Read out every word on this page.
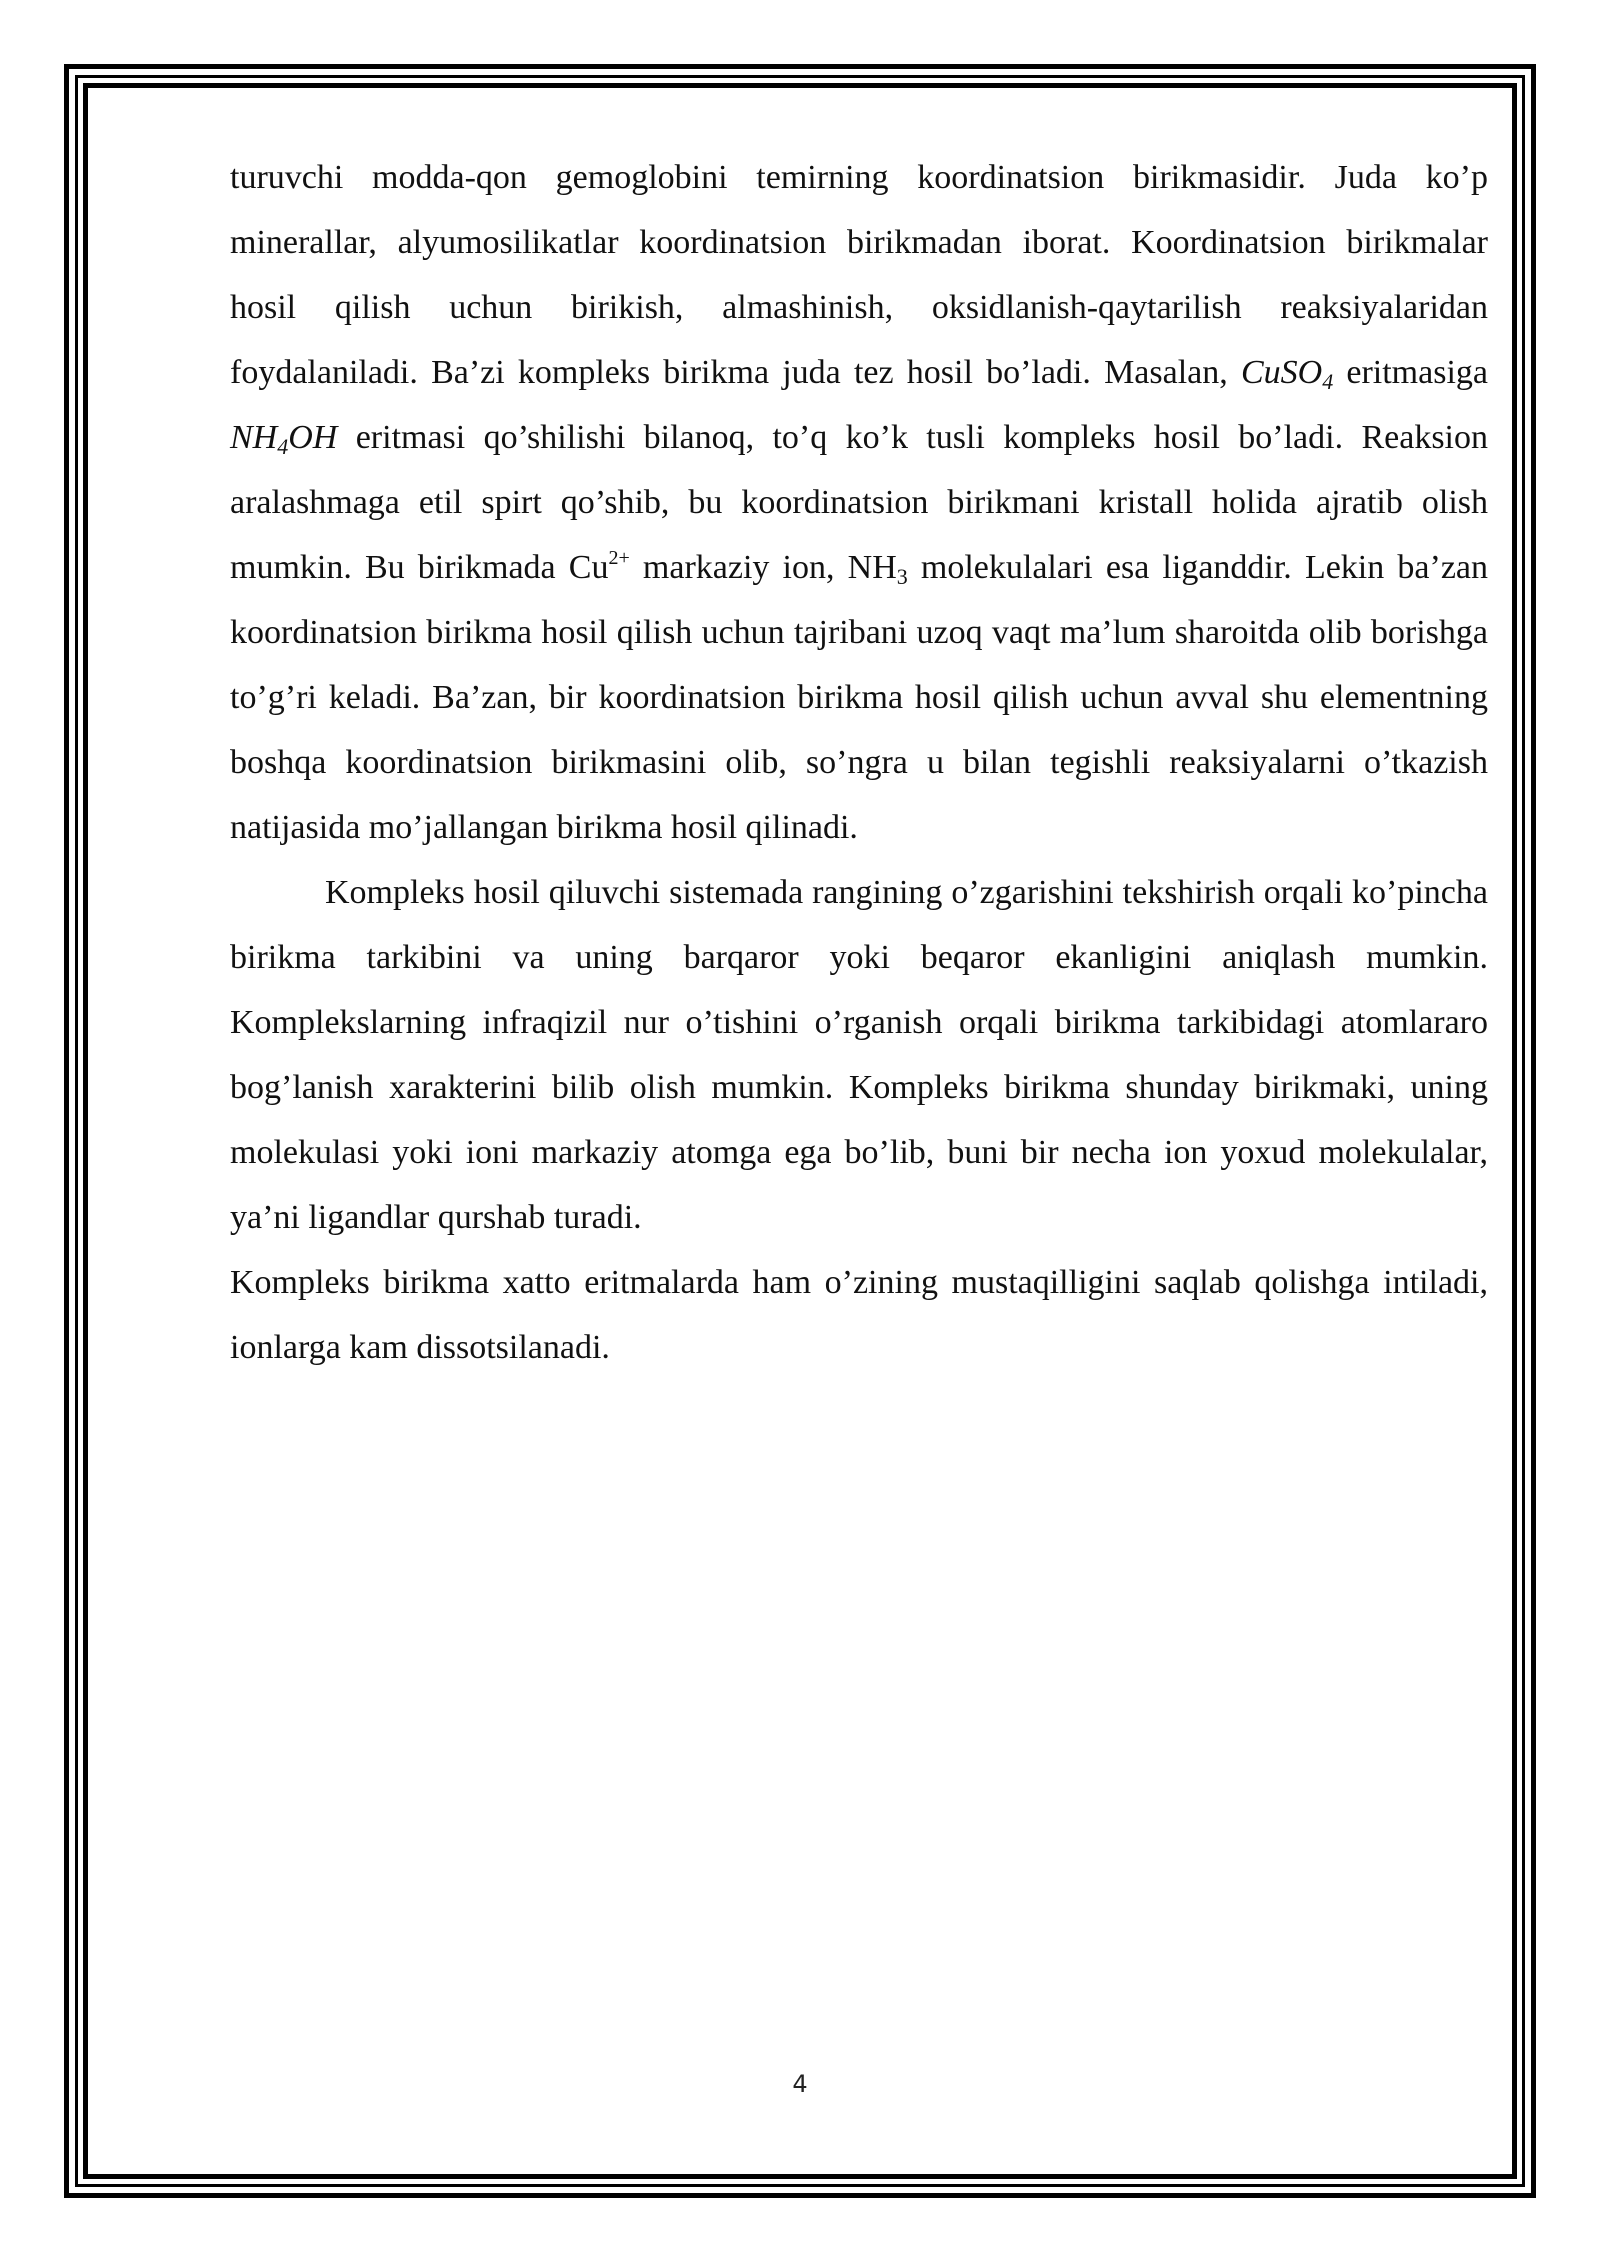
turuvchi modda-qon gemoglobini temirning koordinatsion birikmasidir. Juda ko’p minerallar, alyumosilikatlar koordinatsion birikmadan iborat. Koordinatsion birikmalar hosil qilish uchun birikish, almashinish, oksidlanish-qaytarilish reaksiyalaridan foydalaniladi. Ba’zi kompleks birikma juda tez hosil bo’ladi. Masalan, CuSO$_4$ eritmasiga $NH_4OH$ eritmasi qo’shilishi bilanoq, to’q ko’k tusli kompleks hosil bo’ladi. Reaksion aralashmaga etil spirt qo’shib, bu koordinatsion birikmani kristall holida ajratib olish mumkin. Bu birikmada $Cu^{2+}$ markaziy ion, $NH_3$ molekulalari esa liganddir. Lekin ba’zan koordinatsion birikma hosil qilish uchun tajribani uzoq vaqt ma’lum sharoitda olib borishga to’g’ri keladi. Ba’zan, bir koordinatsion birikma hosil qilish uchun avval shu elementning boshqa koordinatsion birikmasini olib, so’ngra u bilan tegishli reaksiyalarni o’tkazish natijasida mo’jallangan birikma hosil qilinadi.

Kompleks hosil qiluvchi sistemada rangining o’zgarishini tekshirish orqali ko’pincha birikma tarkibini va uning barqaror yoki beqaror ekanligini aniqlash mumkin. Komplekslarning infraqizil nur o’tishini o’rganish orqali birikma tarkibidagi atomlararo bog’lanish xarakterini bilib olish mumkin. Kompleks birikma shunday birikmaki, uning molekulasi yoki ioni markaziy atomga ega bo’lib, buni bir necha ion yoxud molekulalar, ya’ni ligandlar qurshab turadi.

Kompleks birikma xatto eritmalarda ham o’zining mustaqilligini saqlab qolishga intiladi, ionlarga kam dissotsilanadi.

4
